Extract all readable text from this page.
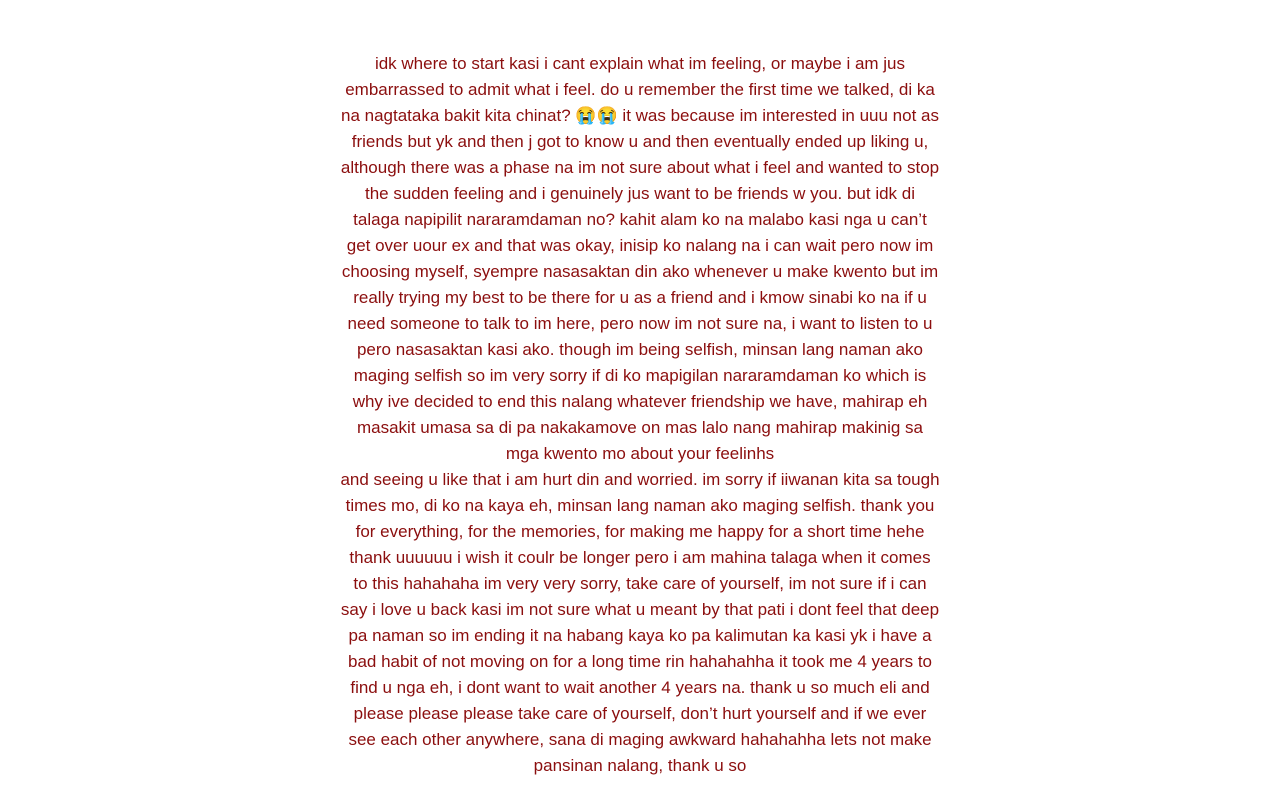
idk where to start kasi i cant explain what im feeling, or maybe i am jus embarrassed to admit what i feel. do u remember the first time we talked, di ka na nagtataka bakit kita chinat? 😭😭 it was because im interested in uuu not as friends but yk and then j got to know u and then eventually ended up liking u, although there was a phase na im not sure about what i feel and wanted to stop the sudden feeling and i genuinely jus want to be friends w you. but idk di talaga napipilit nararamdaman no? kahit alam ko na malabo kasi nga u can’t get over uour ex and that was okay, inisip ko nalang na i can wait pero now im choosing myself, syempre nasasaktan din ako whenever u make kwento but im really trying my best to be there for u as a friend and i kmow sinabi ko na if u need someone to talk to im here, pero now im not sure na, i want to listen to u pero nasasaktan kasi ako. though im being selfish, minsan lang naman ako maging selfish so im very sorry if di ko mapigilan nararamdaman ko which is why ive decided to end this nalang whatever friendship we have, mahirap eh masakit umasa sa di pa nakakamove on mas lalo nang mahirap makinig sa mga kwento mo about your feelinhs

and seeing u like that i am hurt din and worried. im sorry if iiwanan kita sa tough times mo, di ko na kaya eh, minsan lang naman ako maging selfish. thank you for everything, for the memories, for making me happy for a short time hehe thank uuuuuu i wish it coulr be longer pero i am mahina talaga when it comes to this hahahaha im very very sorry, take care of yourself, im not sure if i can say i love u back kasi im not sure what u meant by that pati i dont feel that deep pa naman so im ending it na habang kaya ko pa kalimutan ka kasi yk i have a bad habit of not moving on for a long time rin hahahahha it took me 4 years to find u nga eh, i dont want to wait another 4 years na. thank u so much eli and please please please take care of yourself, don’t hurt yourself and if we ever see each other anywhere, sana di maging awkward hahahahha lets not make pansinan nalang, thank u so
